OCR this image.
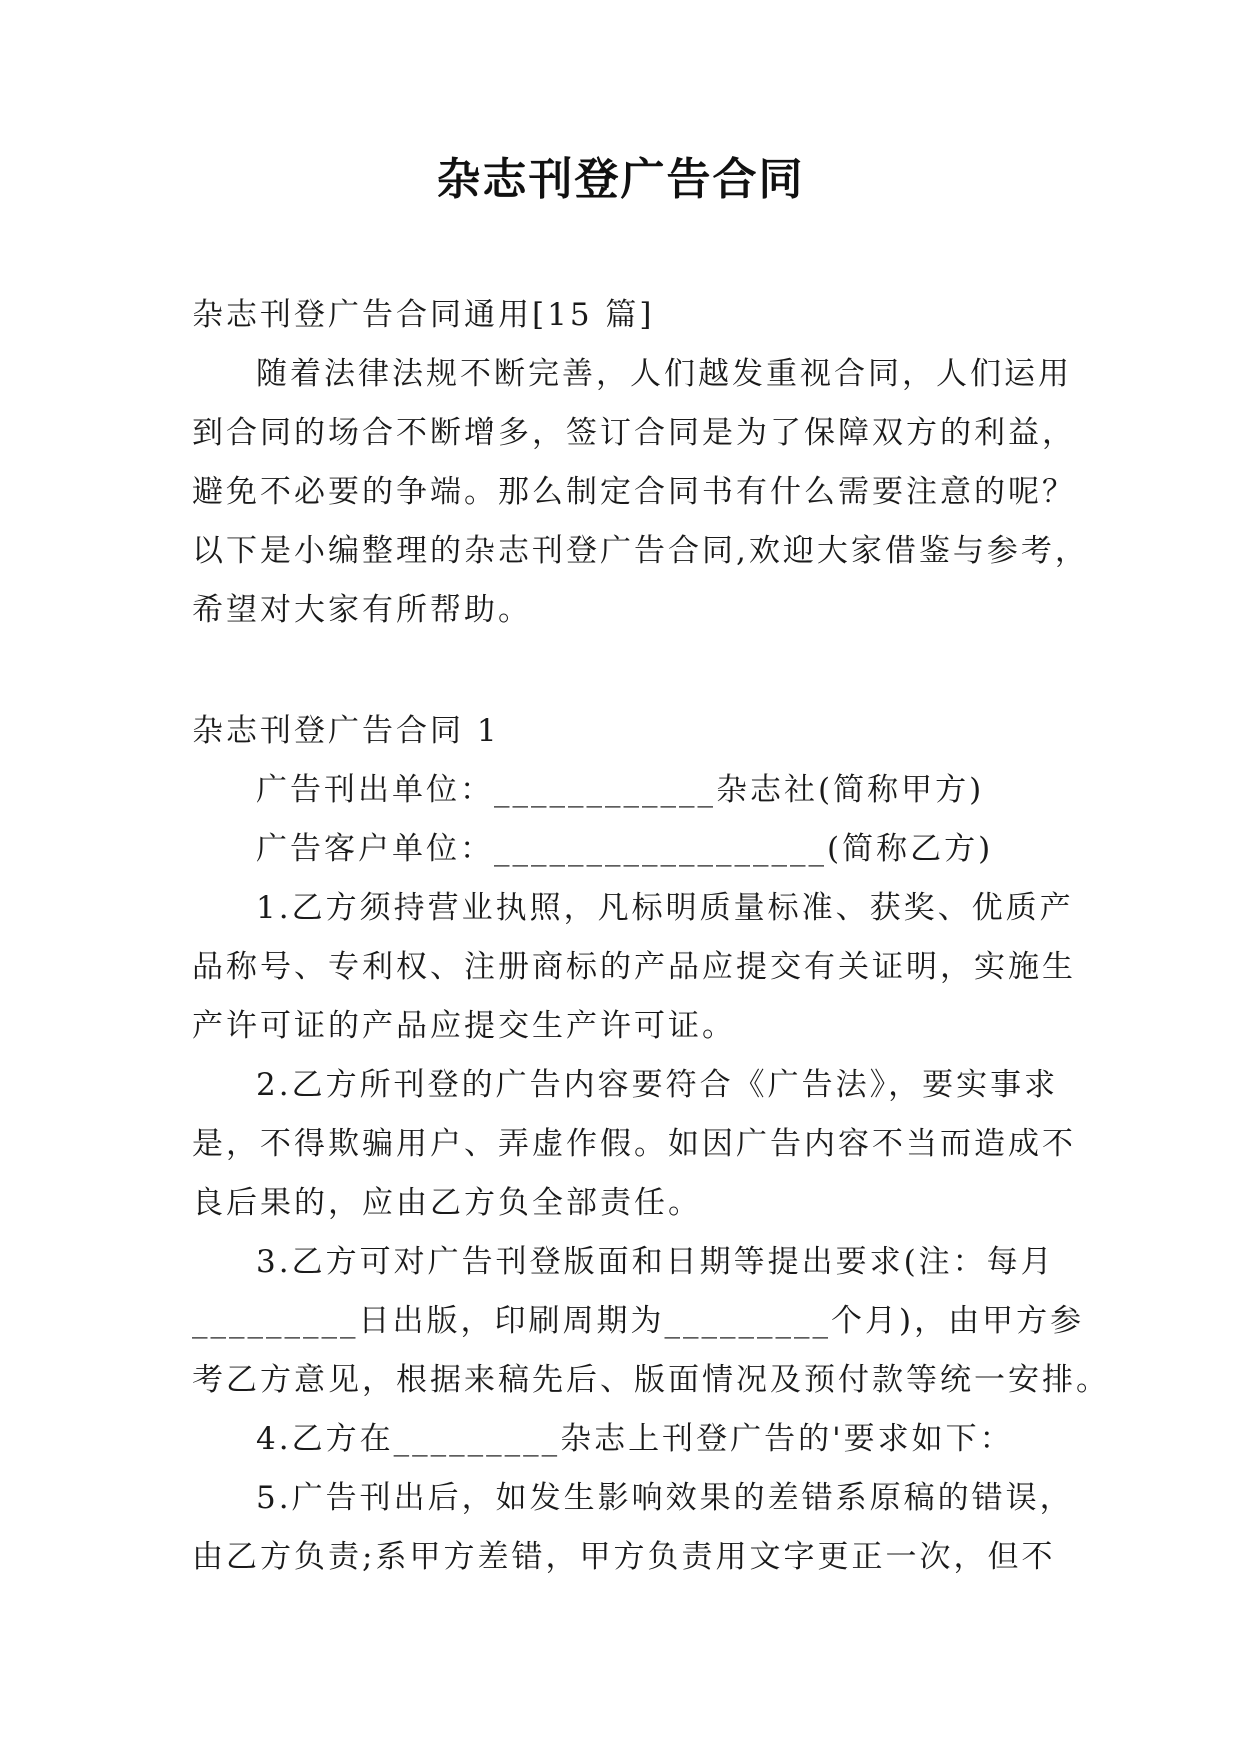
杂志刊登广告合同
杂志刊登广告合同通用[15 篇]
随着法律法规不断完善，人们越发重视合同，人们运用
到合同的场合不断增多，签订合同是为了保障双方的利益，
避免不必要的争端。那么制定合同书有什么需要注意的呢？
以下是小编整理的杂志刊登广告合同,欢迎大家借鉴与参考，
希望对大家有所帮助。
杂志刊登广告合同 1
广告刊出单位：____________杂志社(简称甲方)
广告客户单位：__________________(简称乙方)
1.乙方须持营业执照，凡标明质量标准、获奖、优质产
品称号、专利权、注册商标的产品应提交有关证明，实施生
产许可证的产品应提交生产许可证。
2.乙方所刊登的广告内容要符合《广告法》，要实事求
是，不得欺骗用户、弄虚作假。如因广告内容不当而造成不
良后果的，应由乙方负全部责任。
3.乙方可对广告刊登版面和日期等提出要求(注：每月
_________日出版，印刷周期为_________个月)，由甲方参
考乙方意见，根据来稿先后、版面情况及预付款等统一安排。
4.乙方在_________杂志上刊登广告的'要求如下：
5.广告刊出后，如发生影响效果的差错系原稿的错误，
由乙方负责;系甲方差错，甲方负责用文字更正一次，但不
